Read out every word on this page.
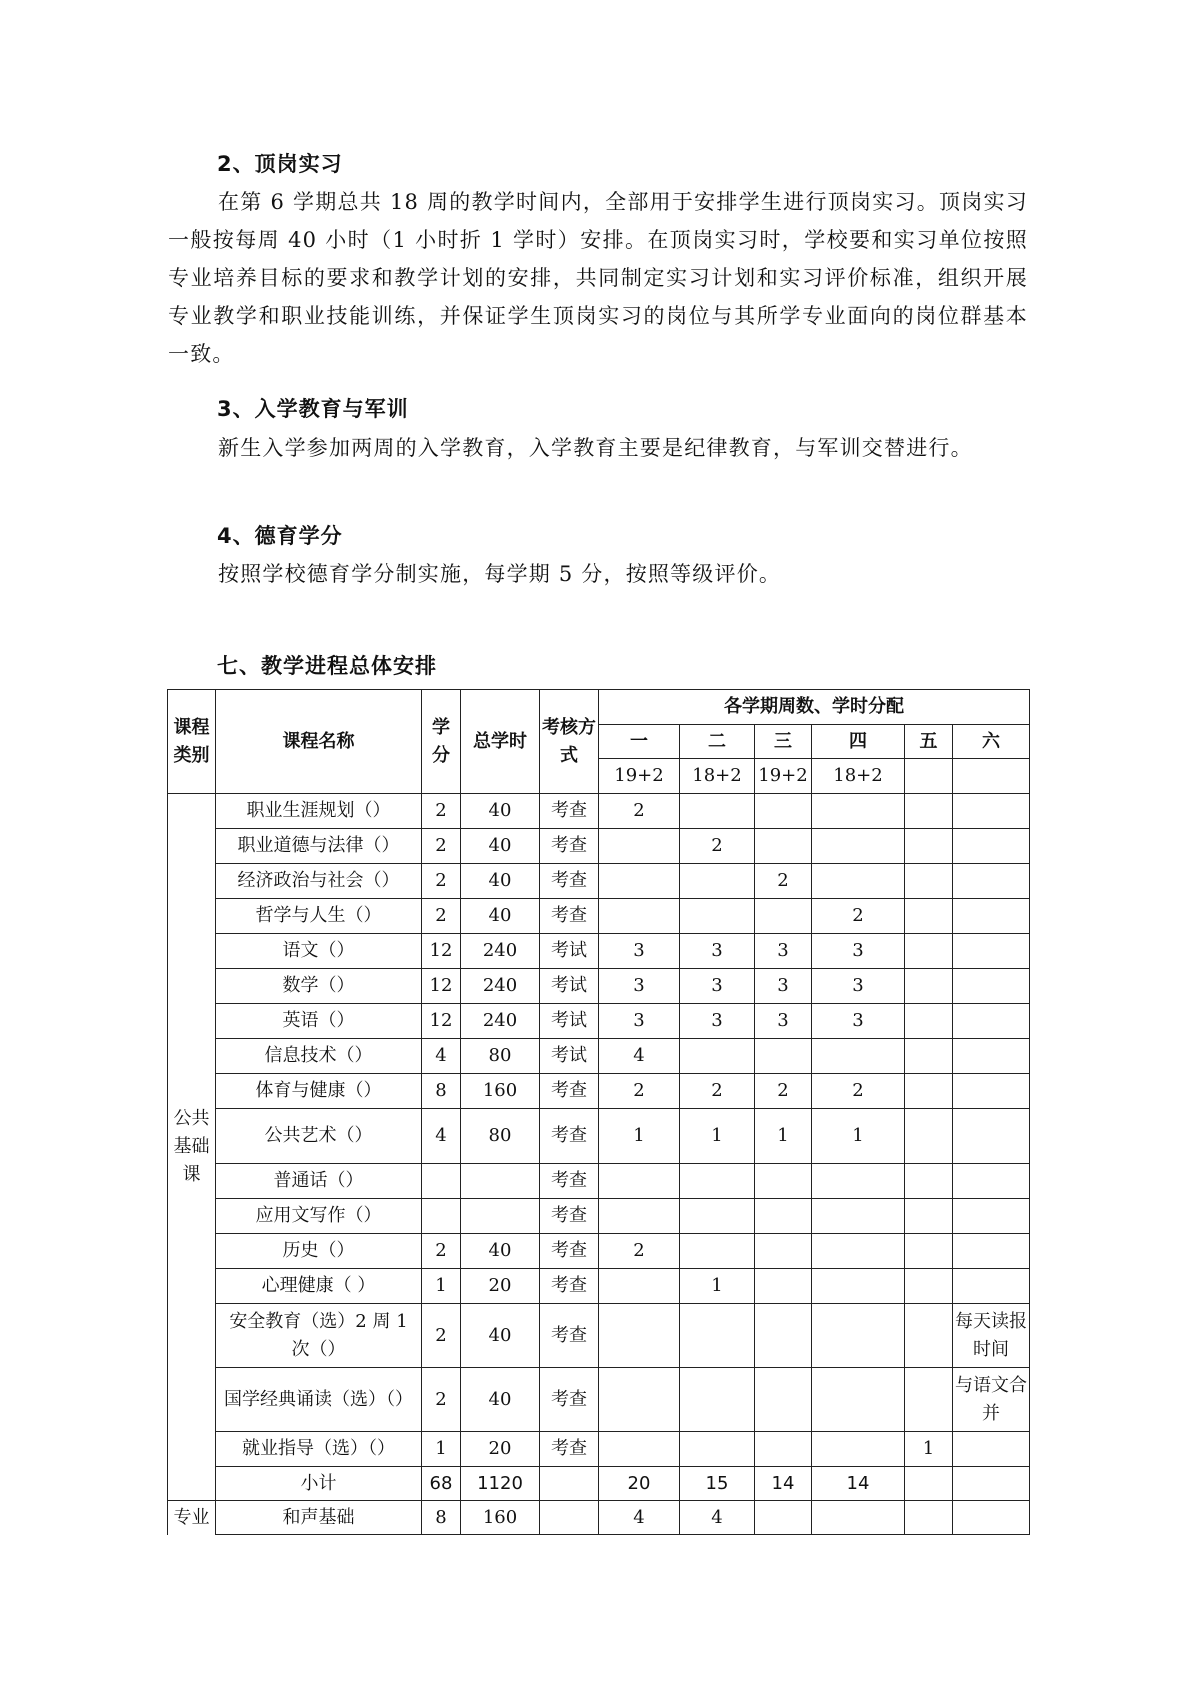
2、顶岗实习
在第 6 学期总共 18 周的教学时间内，全部用于安排学生进行顶岗实习。顶岗实习一般按每周 40 小时（1 小时折 1 学时）安排。在顶岗实习时，学校要和实习单位按照专业培养目标的要求和教学计划的安排，共同制定实习计划和实习评价标准，组织开展专业教学和职业技能训练，并保证学生顶岗实习的岗位与其所学专业面向的岗位群基本一致。
3、入学教育与军训
新生入学参加两周的入学教育，入学教育主要是纪律教育，与军训交替进行。
4、德育学分
按照学校德育学分制实施，每学期 5 分，按照等级评价。
七、教学进程总体安排
课程类别	课程名称	学分	总学时	考核方式	各学期周数、学时分配					
					一	二	三	四	五	六
					19+2	18+2	19+2	18+2		
公共基础课	职业生涯规划（）	2	40	考查	2					
	职业道德与法律（）	2	40	考查		2				
	经济政治与社会（）	2	40	考查			2			
	哲学与人生（）	2	40	考查				2		
	语文（）	12	240	考试	3	3	3	3		
	数学（）	12	240	考试	3	3	3	3		
	英语（）	12	240	考试	3	3	3	3		
	信息技术（）	4	80	考试	4					
	体育与健康（）	8	160	考查	2	2	2	2		
	公共艺术（）	4	80	考查	1	1	1	1		
	普通话（）			考查						
	应用文写作（）			考查						
	历史（）	2	40	考查	2					
	心理健康（ ）	1	20	考查		1				
	安全教育（选）2 周 1 次（）	2	40	考查						每天读报时间
	国学经典诵读（选）（）	2	40	考查						与语文合并
	就业指导（选）（）	1	20	考查					1	
	小计	68	1120		20	15	14	14		
专业	和声基础	8	160		4	4				
